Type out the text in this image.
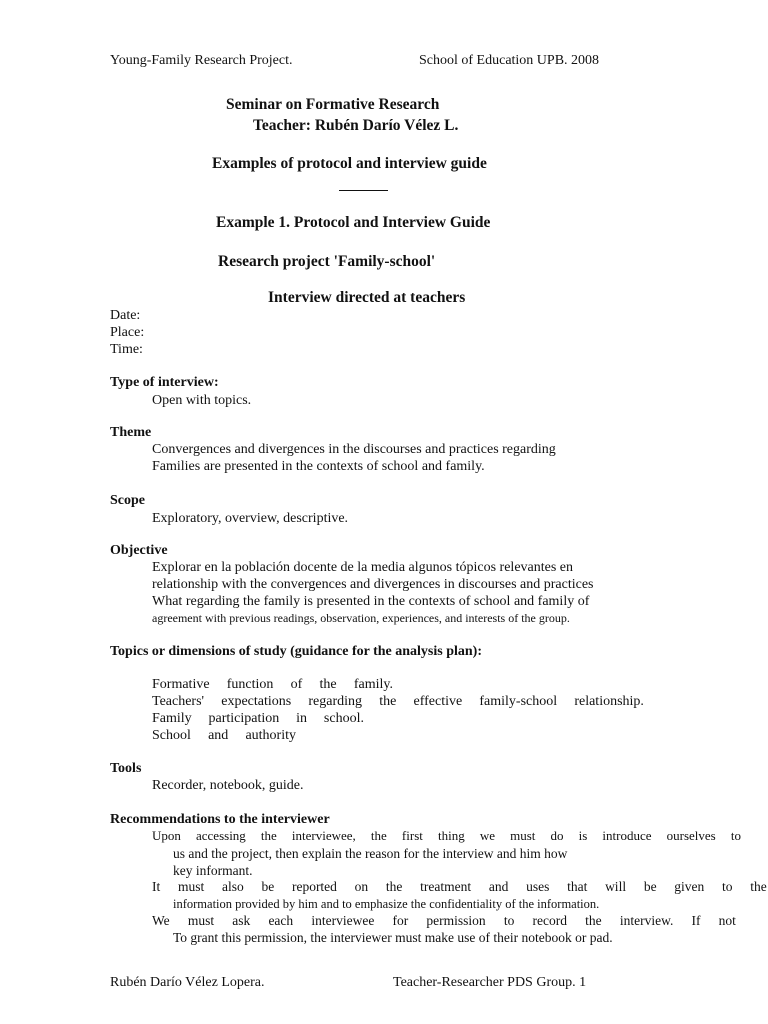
Young-Family Research Project.	School of Education UPB. 2008
Seminar on Formative Research
Teacher: Rubén Darío Vélez L.
Examples of protocol and interview guide
Example 1. Protocol and Interview Guide
Research project 'Family-school'
Interview directed at teachers
Date:
Place:
Time:
Type of interview:
Open with topics.
Theme
Convergences and divergences in the discourses and practices regarding
Families are presented in the contexts of school and family.
Scope
Exploratory, overview, descriptive.
Objective
Explorar en la población docente de la media algunos tópicos relevantes en
relationship with the convergences and divergences in discourses and practices
What regarding the family is presented in the contexts of school and family of
agreement with previous readings, observation, experiences, and interests of the group.
Topics or dimensions of study (guidance for the analysis plan):
Formative function of the family.
Teachers' expectations regarding the effective family-school relationship.
Family participation in school.
School and authority
Tools
Recorder, notebook, guide.
Recommendations to the interviewer
Upon accessing the interviewee, the first thing we must do is introduce ourselves to
us and the project, then explain the reason for the interview and him how
key informant.
It must also be reported on the treatment and uses that will be given to the
information provided by him and to emphasize the confidentiality of the information.
We must ask each interviewee for permission to record the interview. If not
To grant this permission, the interviewer must make use of their notebook or pad.
Rubén Darío Vélez Lopera.	Teacher-Researcher PDS Group. 1
